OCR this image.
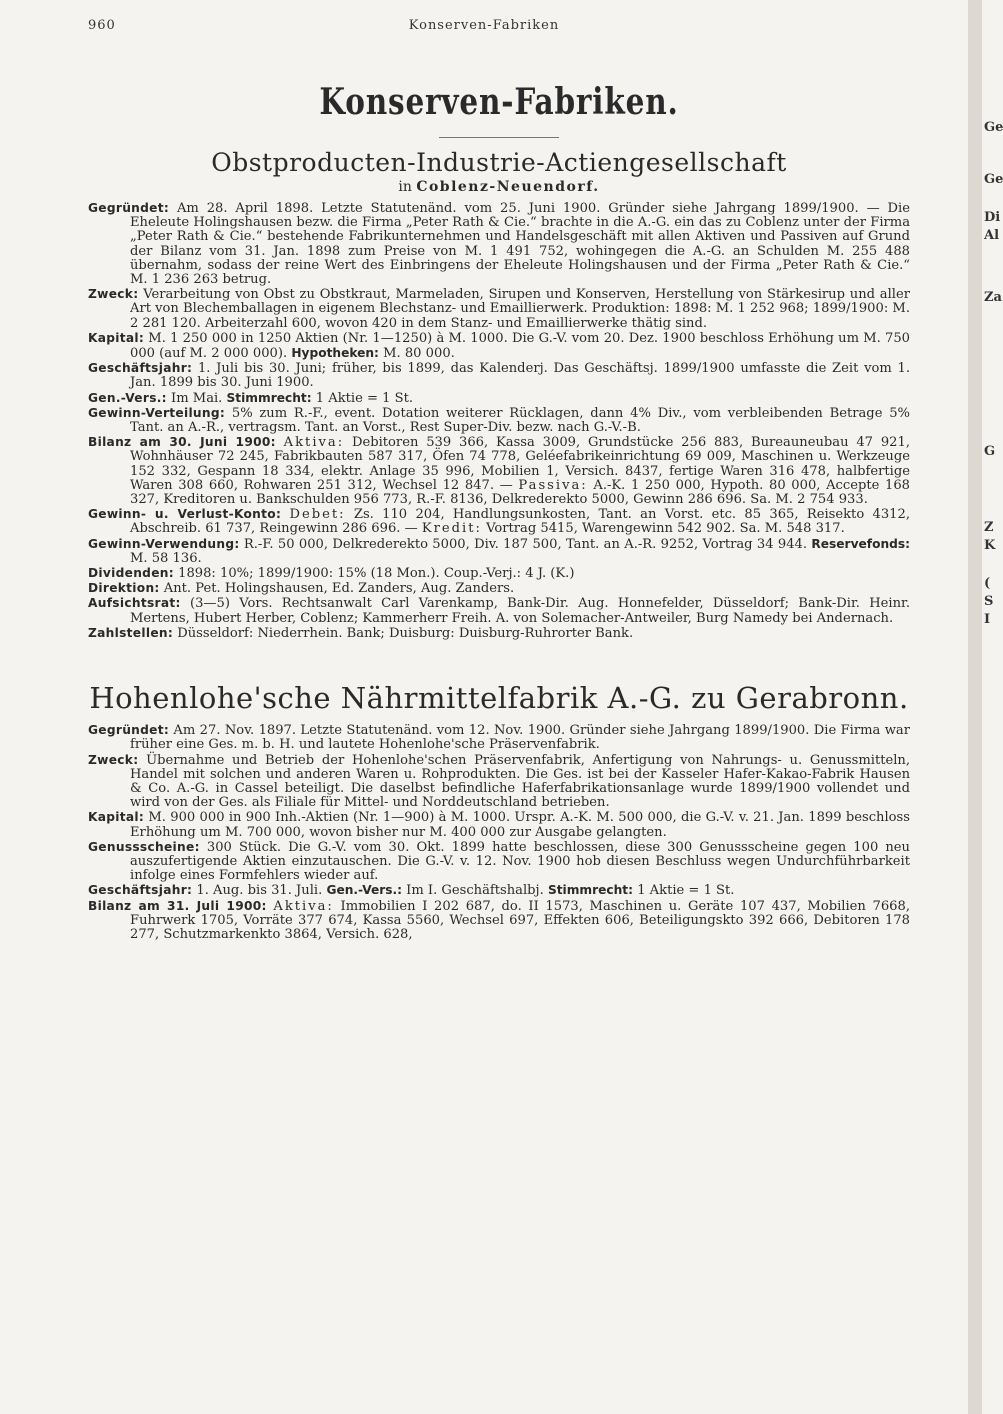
Ge
Ge
Di
Al
Za
G
Z
K
(
S
I
960	Konserven-Fabriken
Konserven-Fabriken.
Obstproducten-Industrie-Actiengesellschaft
in Coblenz-Neuendorf.

Gegründet: Am 28. April 1898. Letzte Statutenänd. vom 25. Juni 1900. Gründer siehe Jahrgang 1899/1900. — Die Eheleute Holingshausen bezw. die Firma „Peter Rath & Cie.“ brachte in die A.-G. ein das zu Coblenz unter der Firma „Peter Rath & Cie.“ bestehende Fabrikunternehmen und Handelsgeschäft mit allen Aktiven und Passiven auf Grund der Bilanz vom 31. Jan. 1898 zum Preise von M. 1 491 752, wohingegen die A.-G. an Schulden M. 255 488 übernahm, sodass der reine Wert des Einbringens der Eheleute Holingshausen und der Firma „Peter Rath & Cie.“ M. 1 236 263 betrug.

Zweck: Verarbeitung von Obst zu Obstkraut, Marmeladen, Sirupen und Konserven, Herstellung von Stärkesirup und aller Art von Blechemballagen in eigenem Blechstanz- und Emaillierwerk. Produktion: 1898: M. 1 252 968; 1899/1900: M. 2 281 120. Arbeiterzahl 600, wovon 420 in dem Stanz- und Emaillierwerke thätig sind.

Kapital: M. 1 250 000 in 1250 Aktien (Nr. 1—1250) à M. 1000. Die G.-V. vom 20. Dez. 1900 beschloss Erhöhung um M. 750 000 (auf M. 2 000 000). Hypotheken: M. 80 000.

Geschäftsjahr: 1. Juli bis 30. Juni; früher, bis 1899, das Kalenderj. Das Geschäftsj. 1899/1900 umfasste die Zeit vom 1. Jan. 1899 bis 30. Juni 1900.

Gen.-Vers.: Im Mai. Stimmrecht: 1 Aktie = 1 St.

Gewinn-Verteilung: 5% zum R.-F., event. Dotation weiterer Rücklagen, dann 4% Div., vom verbleibenden Betrage 5% Tant. an A.-R., vertragsm. Tant. an Vorst., Rest Super-Div. bezw. nach G.-V.-B.

Bilanz am 30. Juni 1900: Aktiva: Debitoren 539 366, Kassa 3009, Grundstücke 256 883, Bureauneubau 47 921, Wohnhäuser 72 245, Fabrikbauten 587 317, Öfen 74 778, Geléefabrikeinrichtung 69 009, Maschinen u. Werkzeuge 152 332, Gespann 18 334, elektr. Anlage 35 996, Mobilien 1, Versich. 8437, fertige Waren 316 478, halbfertige Waren 308 660, Rohwaren 251 312, Wechsel 12 847. — Passiva: A.-K. 1 250 000, Hypoth. 80 000, Accepte 168 327, Kreditoren u. Bankschulden 956 773, R.-F. 8136, Delkrederekto 5000, Gewinn 286 696. Sa. M. 2 754 933.

Gewinn- u. Verlust-Konto: Debet: Zs. 110 204, Handlungsunkosten, Tant. an Vorst. etc. 85 365, Reisekto 4312, Abschreib. 61 737, Reingewinn 286 696. — Kredit: Vortrag 5415, Warengewinn 542 902. Sa. M. 548 317.

Gewinn-Verwendung: R.-F. 50 000, Delkrederekto 5000, Div. 187 500, Tant. an A.-R. 9252, Vortrag 34 944. Reservefonds: M. 58 136.

Dividenden: 1898: 10%; 1899/1900: 15% (18 Mon.). Coup.-Verj.: 4 J. (K.)

Direktion: Ant. Pet. Holingshausen, Ed. Zanders, Aug. Zanders.

Aufsichtsrat: (3—5) Vors. Rechtsanwalt Carl Varenkamp, Bank-Dir. Aug. Honnefelder, Düsseldorf; Bank-Dir. Heinr. Mertens, Hubert Herber, Coblenz; Kammerherr Freih. A. von Solemacher-Antweiler, Burg Namedy bei Andernach.

Zahlstellen: Düsseldorf: Niederrhein. Bank; Duisburg: Duisburg-Ruhrorter Bank.

Hohenlohe'sche Nährmittelfabrik A.-G. zu Gerabronn.

Gegründet: Am 27. Nov. 1897. Letzte Statutenänd. vom 12. Nov. 1900. Gründer siehe Jahrgang 1899/1900. Die Firma war früher eine Ges. m. b. H. und lautete Hohenlohe'sche Präservenfabrik.

Zweck: Übernahme und Betrieb der Hohenlohe'schen Präservenfabrik, Anfertigung von Nahrungs- u. Genussmitteln, Handel mit solchen und anderen Waren u. Rohprodukten. Die Ges. ist bei der Kasseler Hafer-Kakao-Fabrik Hausen & Co. A.-G. in Cassel beteiligt. Die daselbst befindliche Haferfabrikationsanlage wurde 1899/1900 vollendet und wird von der Ges. als Filiale für Mittel- und Norddeutschland betrieben.

Kapital: M. 900 000 in 900 Inh.-Aktien (Nr. 1—900) à M. 1000. Urspr. A.-K. M. 500 000, die G.-V. v. 21. Jan. 1899 beschloss Erhöhung um M. 700 000, wovon bisher nur M. 400 000 zur Ausgabe gelangten.

Genussscheine: 300 Stück. Die G.-V. vom 30. Okt. 1899 hatte beschlossen, diese 300 Genussscheine gegen 100 neu auszufertigende Aktien einzutauschen. Die G.-V. v. 12. Nov. 1900 hob diesen Beschluss wegen Undurchführbarkeit infolge eines Formfehlers wieder auf.

Geschäftsjahr: 1. Aug. bis 31. Juli. Gen.-Vers.: Im I. Geschäftshalbj. Stimmrecht: 1 Aktie = 1 St.

Bilanz am 31. Juli 1900: Aktiva: Immobilien I 202 687, do. II 1573, Maschinen u. Geräte 107 437, Mobilien 7668, Fuhrwerk 1705, Vorräte 377 674, Kassa 5560, Wechsel 697, Effekten 606, Beteiligungskto 392 666, Debitoren 178 277, Schutzmarkenkto 3864, Versich. 628,
